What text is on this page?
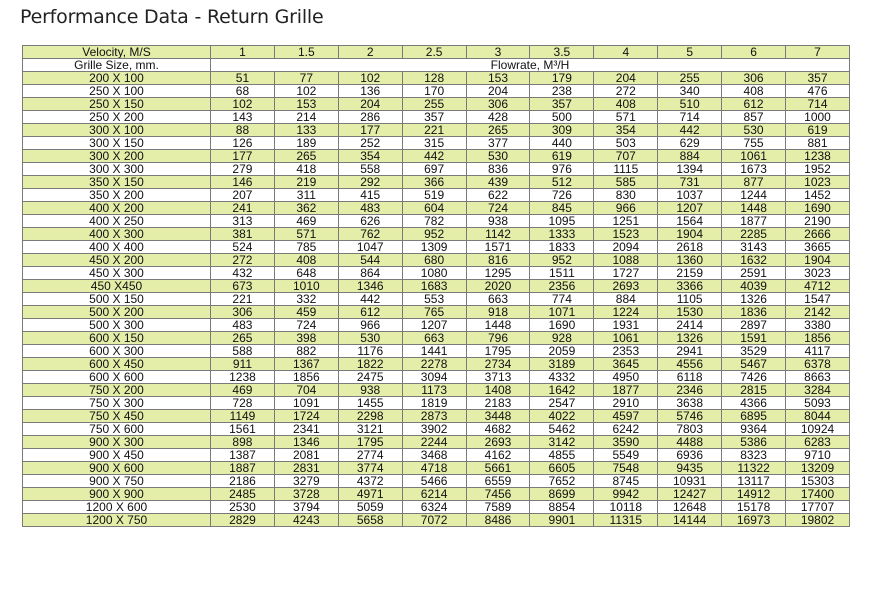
Performance Data - Return Grille
Velocity, M/S	1	1.5	2	2.5	3	3.5	4	5	6	7
Grille Size, mm.	Flowrate, M³/H									
200 X 100	51	77	102	128	153	179	204	255	306	357
250 X 100	68	102	136	170	204	238	272	340	408	476
250 X 150	102	153	204	255	306	357	408	510	612	714
250 X 200	143	214	286	357	428	500	571	714	857	1000
300 X 100	88	133	177	221	265	309	354	442	530	619
300 X 150	126	189	252	315	377	440	503	629	755	881
300 X 200	177	265	354	442	530	619	707	884	1061	1238
300 X 300	279	418	558	697	836	976	1115	1394	1673	1952
350 X 150	146	219	292	366	439	512	585	731	877	1023
350 X 200	207	311	415	519	622	726	830	1037	1244	1452
400 X 200	241	362	483	604	724	845	966	1207	1448	1690
400 X 250	313	469	626	782	938	1095	1251	1564	1877	2190
400 X 300	381	571	762	952	1142	1333	1523	1904	2285	2666
400 X 400	524	785	1047	1309	1571	1833	2094	2618	3143	3665
450 X 200	272	408	544	680	816	952	1088	1360	1632	1904
450 X 300	432	648	864	1080	1295	1511	1727	2159	2591	3023
450 X450	673	1010	1346	1683	2020	2356	2693	3366	4039	4712
500 X 150	221	332	442	553	663	774	884	1105	1326	1547
500 X 200	306	459	612	765	918	1071	1224	1530	1836	2142
500 X 300	483	724	966	1207	1448	1690	1931	2414	2897	3380
600 X 150	265	398	530	663	796	928	1061	1326	1591	1856
600 X 300	588	882	1176	1441	1795	2059	2353	2941	3529	4117
600 X 450	911	1367	1822	2278	2734	3189	3645	4556	5467	6378
600 X 600	1238	1856	2475	3094	3713	4332	4950	6118	7426	8663
750 X 200	469	704	938	1173	1408	1642	1877	2346	2815	3284
750 X 300	728	1091	1455	1819	2183	2547	2910	3638	4366	5093
750 X 450	1149	1724	2298	2873	3448	4022	4597	5746	6895	8044
750 X 600	1561	2341	3121	3902	4682	5462	6242	7803	9364	10924
900 X 300	898	1346	1795	2244	2693	3142	3590	4488	5386	6283
900 X 450	1387	2081	2774	3468	4162	4855	5549	6936	8323	9710
900 X 600	1887	2831	3774	4718	5661	6605	7548	9435	11322	13209
900 X 750	2186	3279	4372	5466	6559	7652	8745	10931	13117	15303
900 X 900	2485	3728	4971	6214	7456	8699	9942	12427	14912	17400
1200 X 600	2530	3794	5059	6324	7589	8854	10118	12648	15178	17707
1200 X 750	2829	4243	5658	7072	8486	9901	11315	14144	16973	19802
